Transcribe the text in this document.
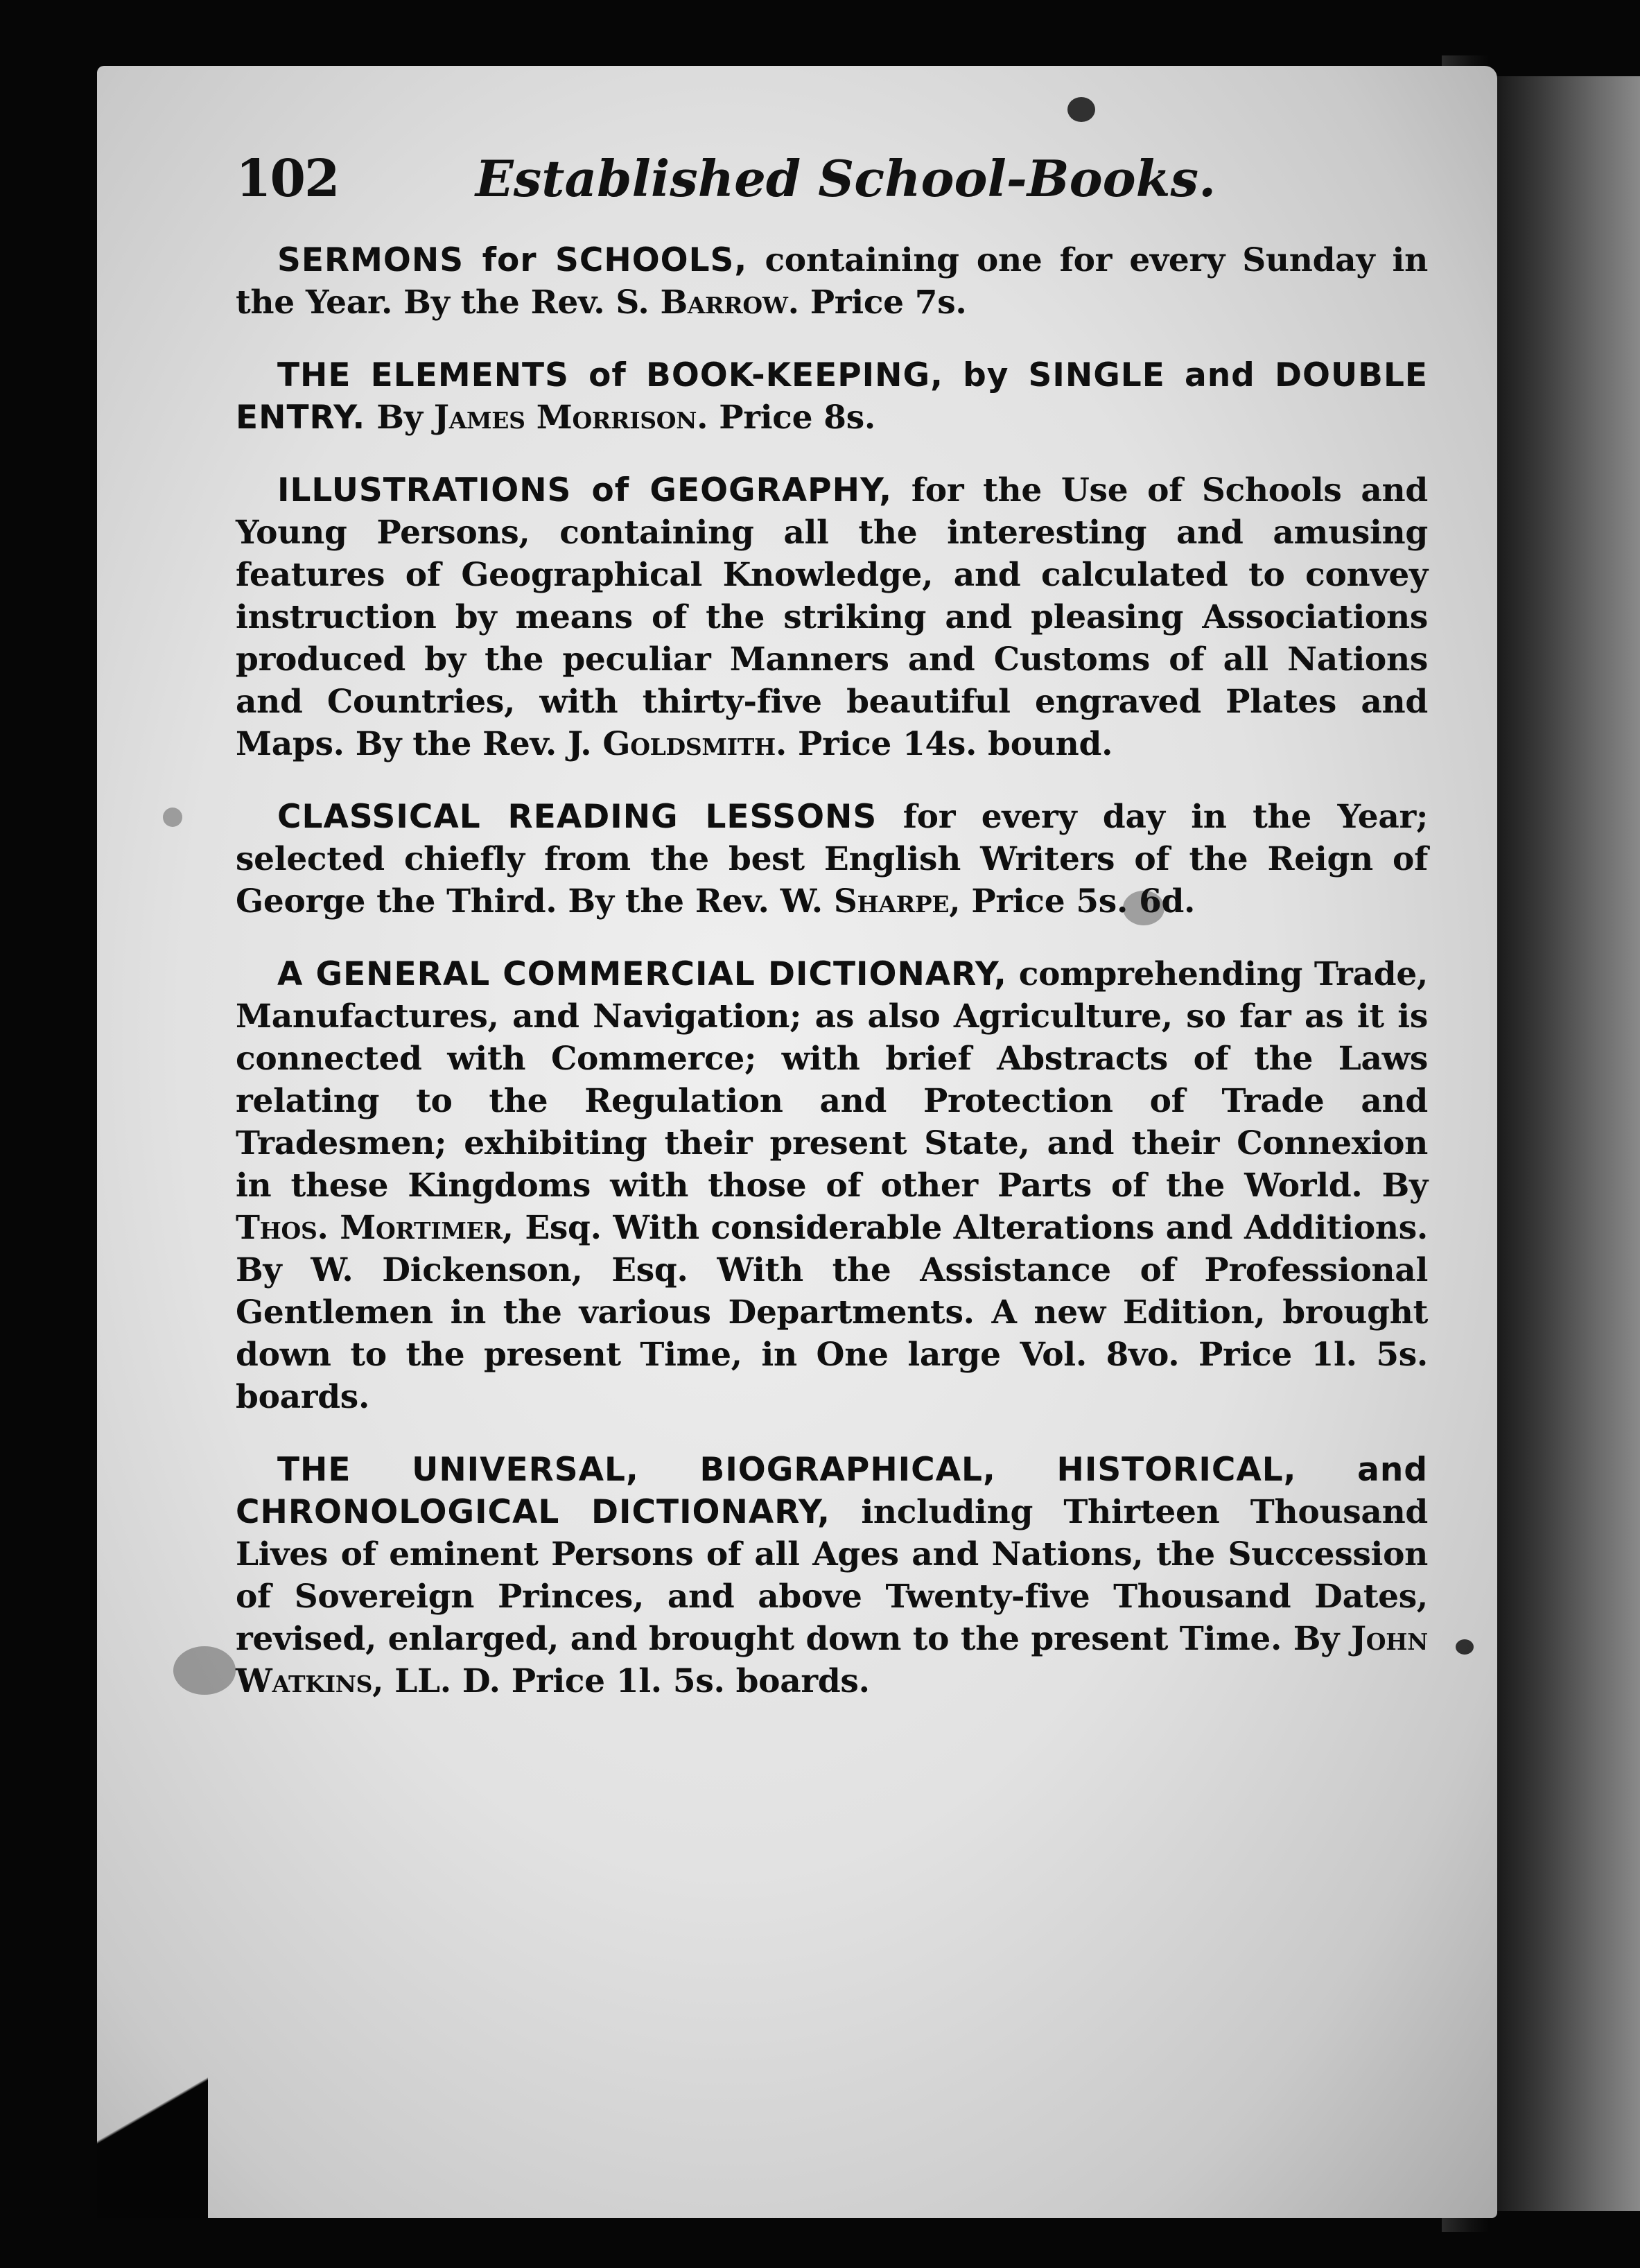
102	Established School-Books.

SERMONS for SCHOOLS, containing one for every Sunday in the Year. By the Rev. S. Barrow. Price 7s.

THE ELEMENTS of BOOK-KEEPING, by SINGLE and DOUBLE ENTRY. By James Morrison. Price 8s.

ILLUSTRATIONS of GEOGRAPHY, for the Use of Schools and Young Persons, containing all the interesting and amusing features of Geographical Knowledge, and calculated to convey instruction by means of the striking and pleasing Associations produced by the peculiar Manners and Customs of all Nations and Countries, with thirty-five beautiful engraved Plates and Maps. By the Rev. J. Goldsmith. Price 14s. bound.

CLASSICAL READING LESSONS for every day in the Year; selected chiefly from the best English Writers of the Reign of George the Third. By the Rev. W. Sharpe, Price 5s. 6d.

A GENERAL COMMERCIAL DICTIONARY, comprehending Trade, Manufactures, and Navigation; as also Agriculture, so far as it is connected with Commerce; with brief Abstracts of the Laws relating to the Regulation and Protection of Trade and Tradesmen; exhibiting their present State, and their Connexion in these Kingdoms with those of other Parts of the World. By Thos. Mortimer, Esq. With considerable Alterations and Additions. By W. Dickenson, Esq. With the Assistance of Professional Gentlemen in the various Departments. A new Edition, brought down to the present Time, in One large Vol. 8vo. Price 1l. 5s. boards.

THE UNIVERSAL, BIOGRAPHICAL, HISTORICAL, and CHRONOLOGICAL DICTIONARY, including Thirteen Thousand Lives of eminent Persons of all Ages and Nations, the Succession of Sovereign Princes, and above Twenty-five Thousand Dates, revised, enlarged, and brought down to the present Time. By John Watkins, LL. D. Price 1l. 5s. boards.
